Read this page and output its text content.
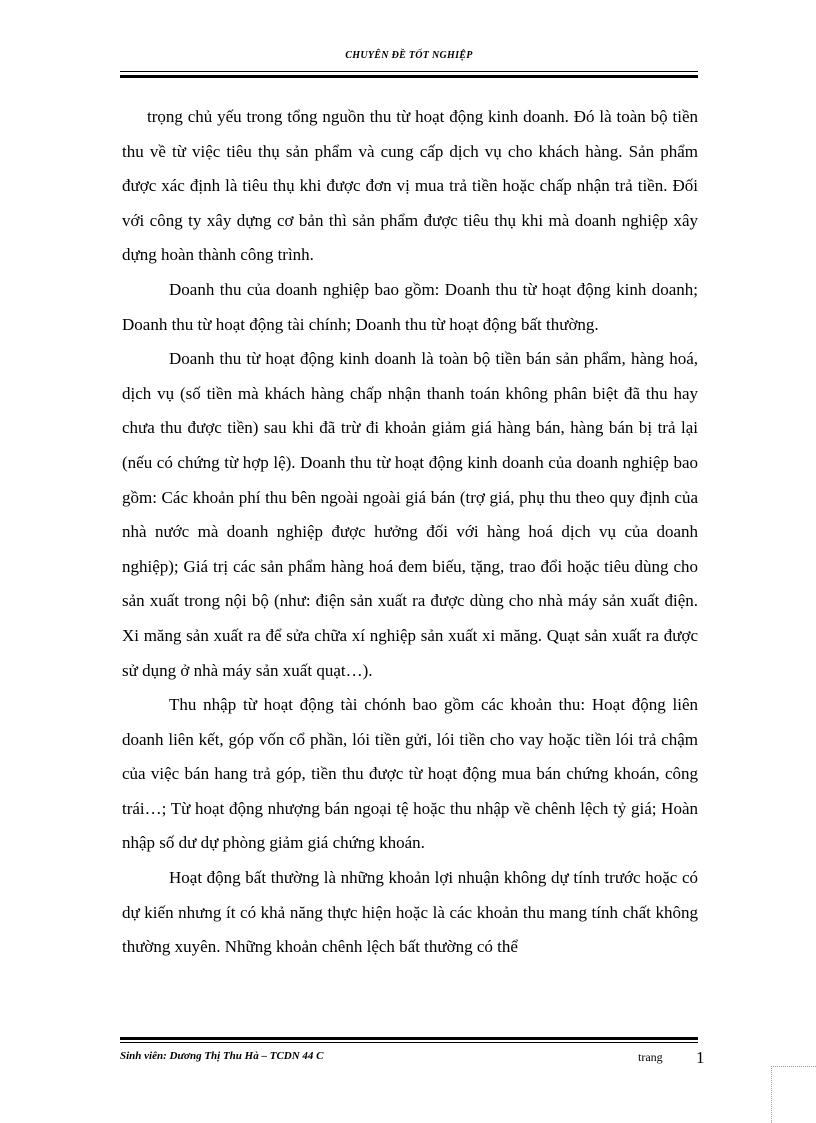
CHUYÊN ĐỀ TỐT NGHIỆP

trọng chủ yếu trong tổng nguồn thu từ hoạt động kinh doanh. Đó là toàn bộ tiền thu về từ việc tiêu thụ sản phẩm và cung cấp dịch vụ cho khách hàng. Sản phẩm được xác định là tiêu thụ khi được đơn vị mua trả tiền hoặc chấp nhận trả tiền. Đối với công ty xây dựng cơ bản thì sản phẩm được tiêu thụ khi mà doanh nghiệp xây dựng hoàn thành công trình.

Doanh thu của doanh nghiệp bao gồm: Doanh thu từ hoạt động kinh doanh; Doanh thu từ hoạt động tài chính; Doanh thu từ hoạt động bất thường.

Doanh thu từ hoạt động kinh doanh là toàn bộ tiền bán sản phẩm, hàng hoá, dịch vụ (số tiền mà khách hàng chấp nhận thanh toán không phân biệt đã thu hay chưa thu được tiền) sau khi đã trừ đi khoản giảm giá hàng bán, hàng bán bị trả lại (nếu có chứng từ hợp lệ). Doanh thu từ hoạt động kinh doanh của doanh nghiệp bao gồm: Các khoản phí thu bên ngoài ngoài giá bán (trợ giá, phụ thu theo quy định của nhà nước mà doanh nghiệp được hưởng đối với hàng hoá dịch vụ của doanh nghiệp); Giá trị các sản phẩm hàng hoá đem biếu, tặng, trao đổi hoặc tiêu dùng cho sản xuất trong nội bộ (như: điện sản xuất ra được dùng cho nhà máy sản xuất điện. Xi măng sản xuất ra để sửa chữa xí nghiệp sản xuất xi măng. Quạt sản xuất ra được sử dụng ở nhà máy sản xuất quạt…).

Thu nhập từ hoạt động tài chónh bao gồm các khoản thu: Hoạt động liên doanh liên kết, góp vốn cổ phần, lói tiền gửi, lói tiền cho vay hoặc tiền lói trả chậm của việc bán hang trả góp, tiền thu được từ hoạt động mua bán chứng khoán, công trái…; Từ hoạt động nhượng bán ngoại tệ hoặc thu nhập về chênh lệch tỷ giá; Hoàn nhập số dư dự phòng giảm giá chứng khoán.

Hoạt động bất thường là những khoản lợi nhuận không dự tính trước hoặc có dự kiến nhưng ít có khả năng thực hiện hoặc là các khoản thu mang tính chất không thường xuyên. Những khoản chênh lệch bất thường có thể

Sinh viên: Dương Thị Thu Hà – TCDN 44 C	trang 1
